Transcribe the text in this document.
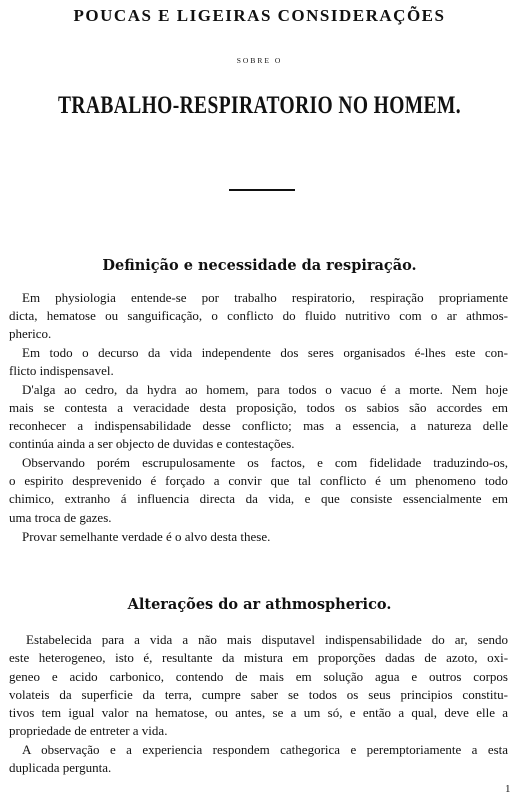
POUCAS E LIGEIRAS CONSIDERAÇÕES
SOBRE O
TRABALHO-RESPIRATORIO NO HOMEM.
Definição e necessidade da respiração.
Em physiologia entende-se por trabalho respiratorio, respiração propriamente
dicta, hematose ou sanguificação, o conflicto do fluido nutritivo com o ar athmos-
pherico.
Em todo o decurso da vida independente dos seres organisados é-lhes este con-
flicto indispensavel.
D'alga ao cedro, da hydra ao homem, para todos o vacuo é a morte. Nem hoje
mais se contesta a veracidade desta proposição, todos os sabios são accordes em
reconhecer a indispensabilidade desse conflicto; mas a essencia, a natureza delle
continúa ainda a ser objecto de duvidas e contestações.
Observando porém escrupulosamente os factos, e com fidelidade traduzindo-os,
o espirito desprevenido é forçado a convir que tal conflicto é um phenomeno todo
chimico, extranho á influencia directa da vida, e que consiste essencialmente em
uma troca de gazes.
Provar semelhante verdade é o alvo desta these.
Alterações do ar athmospherico.
Estabelecida para a vida a não mais disputavel indispensabilidade do ar, sendo
este heterogeneo, isto é, resultante da mistura em proporções dadas de azoto, oxi-
geneo e acido carbonico, contendo de mais em solução agua e outros corpos
volateis da superficie da terra, cumpre saber se todos os seus principios constitu-
tivos tem igual valor na hematose, ou antes, se a um só, e então a qual, deve elle a
propriedade de entreter a vida.
A observação e a experiencia respondem cathegorica e peremptoriamente a esta
duplicada pergunta.
1
